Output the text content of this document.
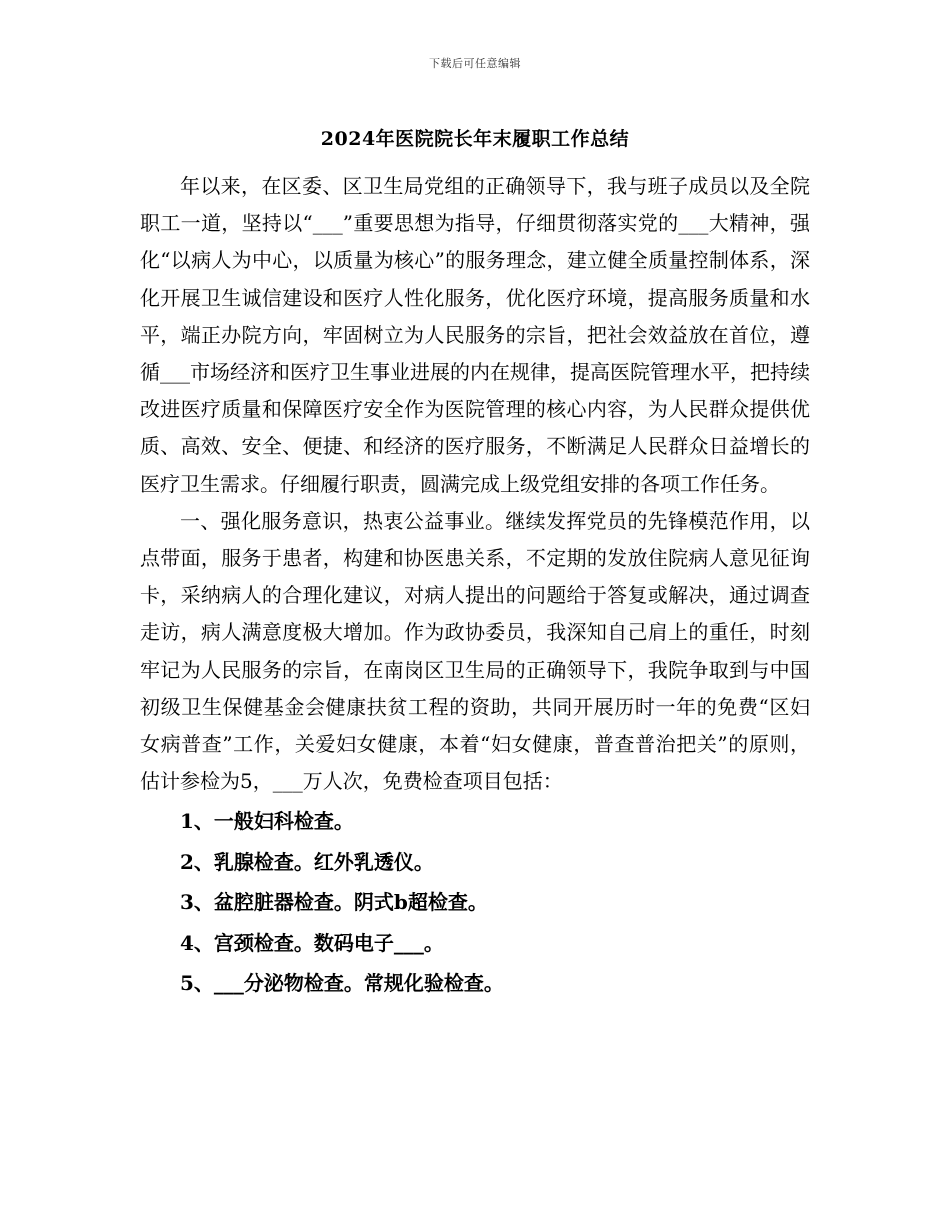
下载后可任意编辑
2024年医院院长年末履职工作总结

年以来，在区委、区卫生局党组的正确领导下，我与班子成员以及全院职工一道，坚持以“___”重要思想为指导，仔细贯彻落实党的___大精神，强化“以病人为中心，以质量为核心”的服务理念，建立健全质量控制体系，深化开展卫生诚信建设和医疗人性化服务，优化医疗环境，提高服务质量和水平，端正办院方向，牢固树立为人民服务的宗旨，把社会效益放在首位，遵循___市场经济和医疗卫生事业进展的内在规律，提高医院管理水平，把持续改进医疗质量和保障医疗安全作为医院管理的核心内容，为人民群众提供优质、高效、安全、便捷、和经济的医疗服务，不断满足人民群众日益增长的医疗卫生需求。仔细履行职责，圆满完成上级党组安排的各项工作任务。

一、强化服务意识，热衷公益事业。继续发挥党员的先锋模范作用，以点带面，服务于患者，构建和协医患关系，不定期的发放住院病人意见征询卡，采纳病人的合理化建议，对病人提出的问题给于答复或解决，通过调查走访，病人满意度极大增加。作为政协委员，我深知自己肩上的重任，时刻牢记为人民服务的宗旨，在南岗区卫生局的正确领导下，我院争取到与中国初级卫生保健基金会健康扶贫工程的资助，共同开展历时一年的免费“区妇女病普查”工作，关爱妇女健康，本着“妇女健康，普查普治把关”的原则，估计参检为5，___万人次，免费检查项目包括：

1、一般妇科检查。

2、乳腺检查。红外乳透仪。

3、盆腔脏器检查。阴式b超检查。

4、宫颈检查。数码电子___。

5、___分泌物检查。常规化验检查。
